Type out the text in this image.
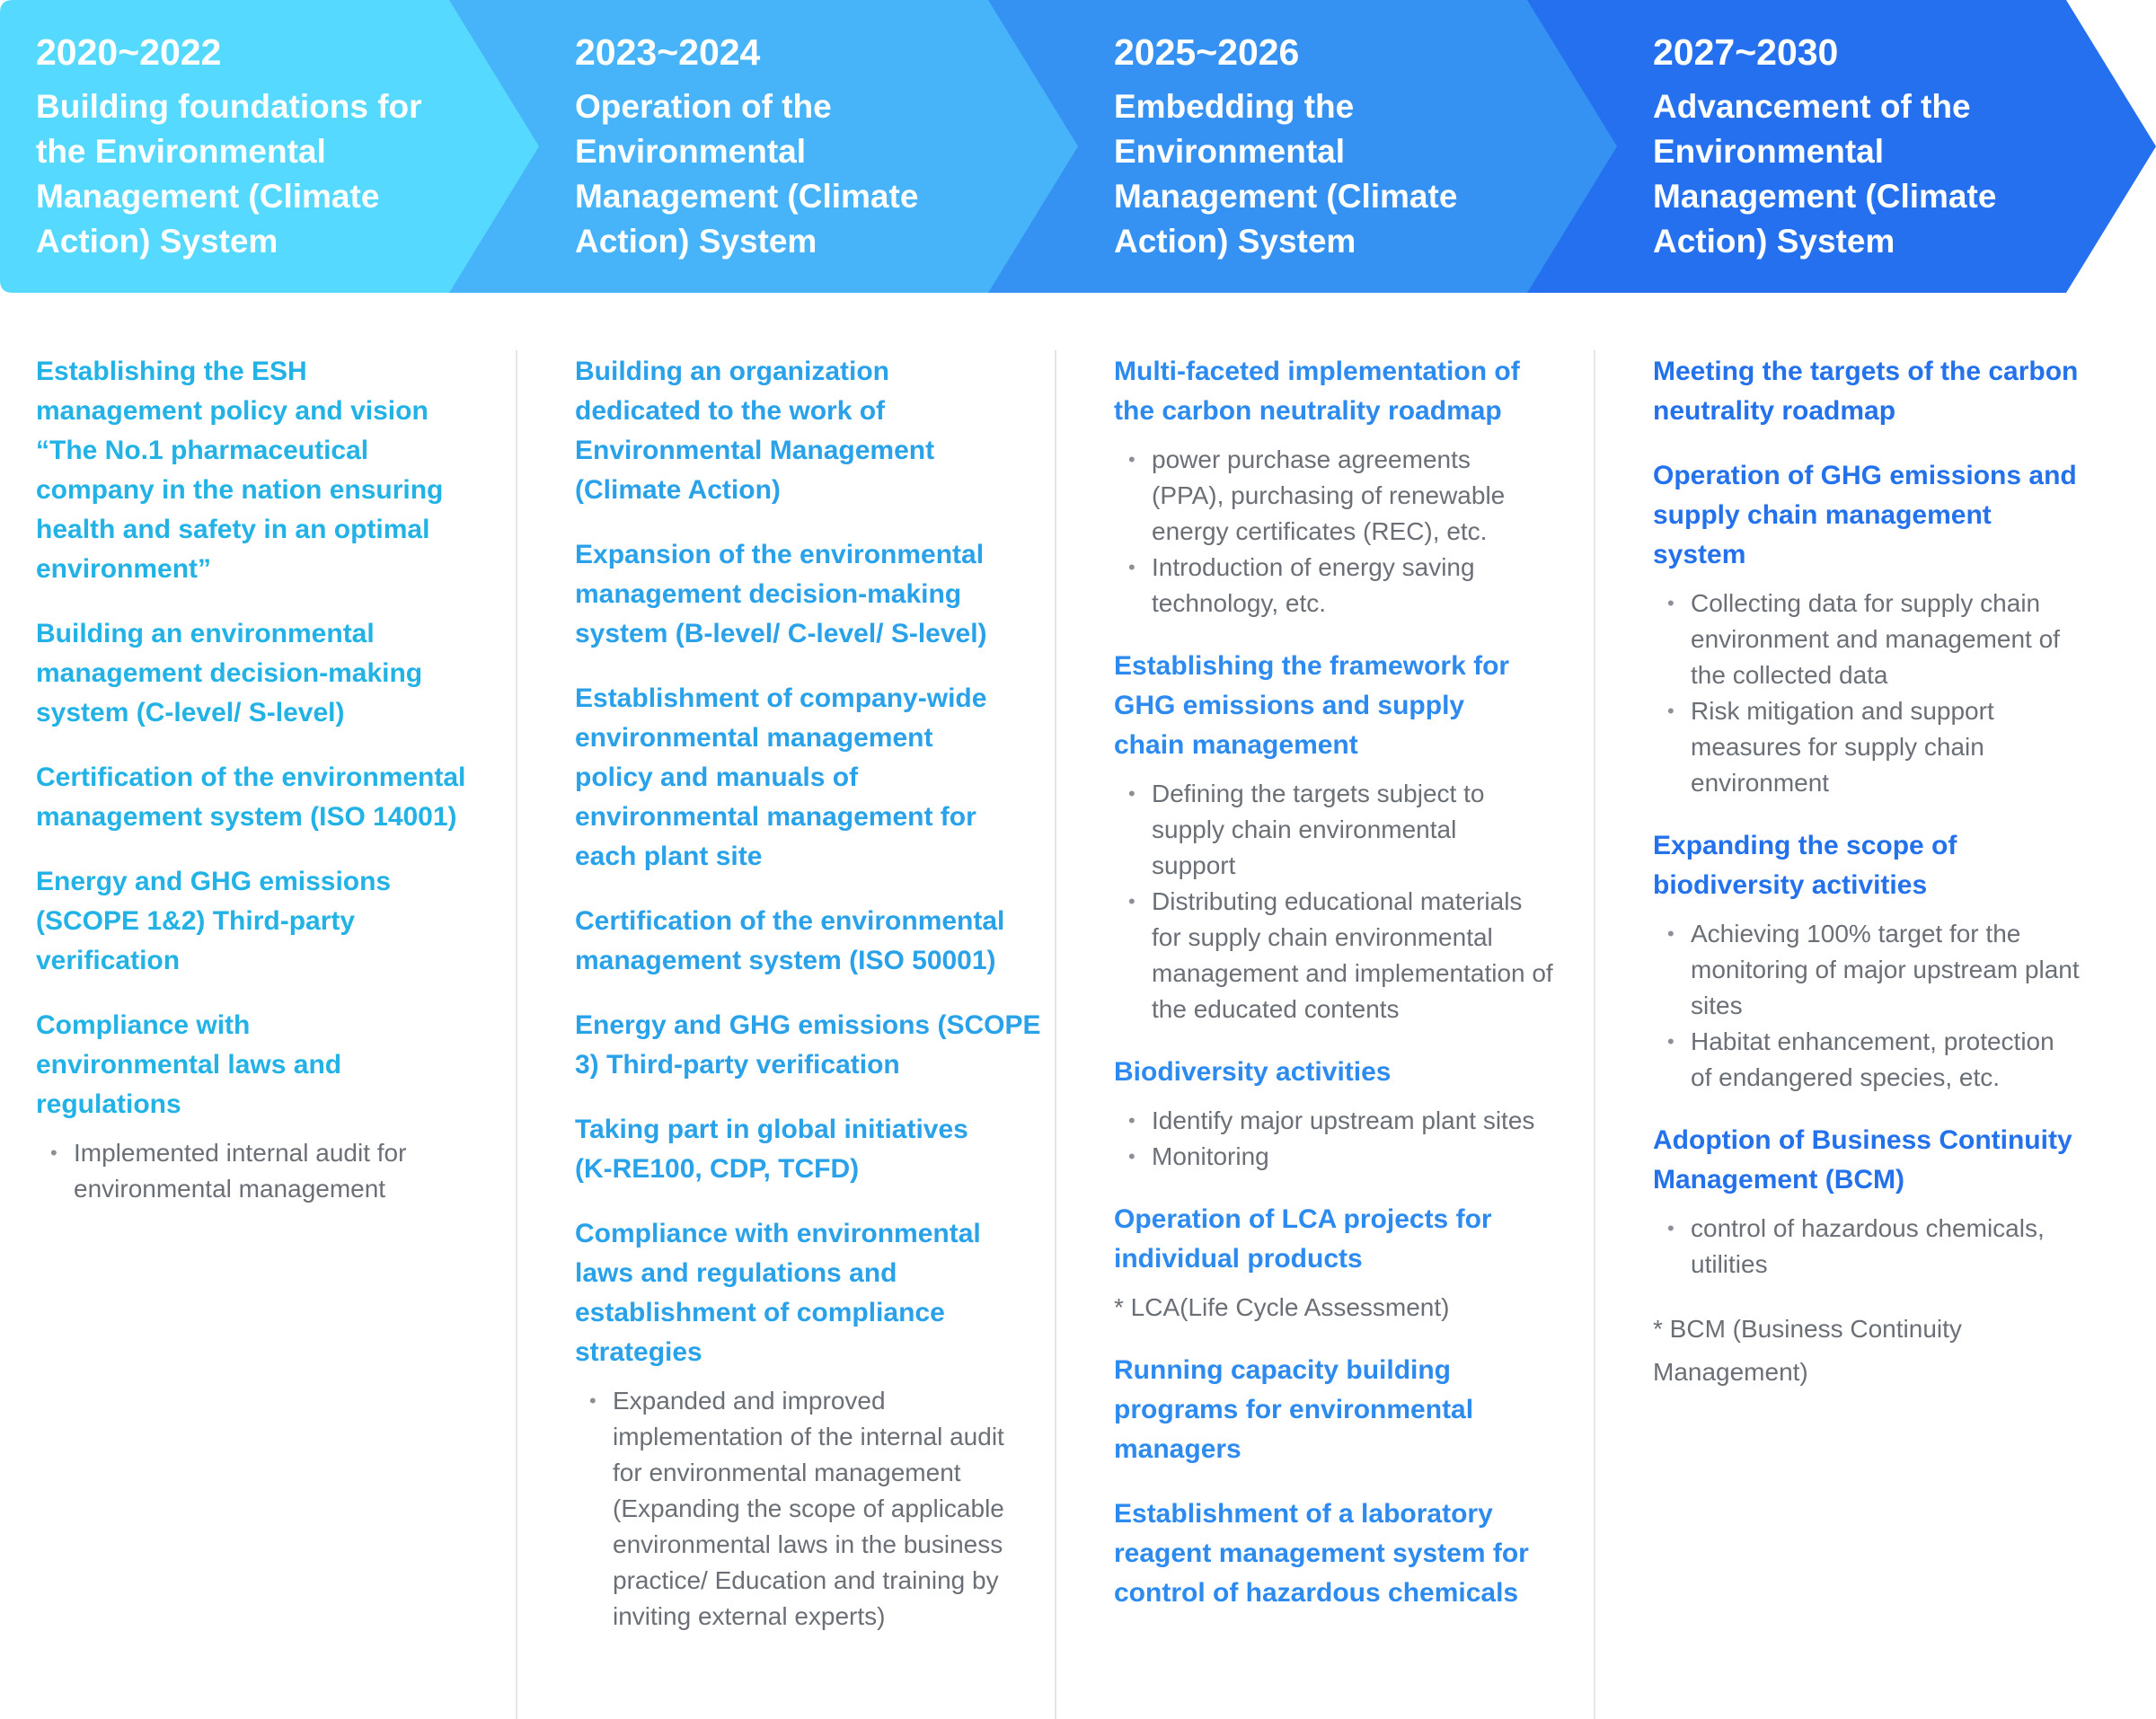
2020~2022
Building foundations for the Environmental Management (Climate Action) System
2023~2024
Operation of the Environmental Management (Climate Action) System
2025~2026
Embedding the Environmental Management (Climate Action) System
2027~2030
Advancement of the Environmental Management (Climate Action) System
Establishing the ESH management policy and vision “The No.1 pharmaceutical company in the nation ensuring health and safety in an optimal environment”
Building an environmental management decision-making system (C-level/ S-level)
Certification of the environmental management system (ISO 14001)
Energy and GHG emissions (SCOPE 1&2) Third-party verification
Compliance with environmental laws and regulations
• Implemented internal audit for environmental management
Building an organization dedicated to the work of Environmental Management (Climate Action)
Expansion of the environmental management decision-making system (B-level/ C-level/ S-level)
Establishment of company-wide environmental management policy and manuals of environmental management for each plant site
Certification of the environmental management system (ISO 50001)
Energy and GHG emissions (SCOPE 3) Third-party verification
Taking part in global initiatives (K-RE100, CDP, TCFD)
Compliance with environmental laws and regulations and establishment of compliance strategies
• Expanded and improved implementation of the internal audit for environmental management (Expanding the scope of applicable environmental laws in the business practice/ Education and training by inviting external experts)
Multi-faceted implementation of the carbon neutrality roadmap
• power purchase agreements (PPA), purchasing of renewable energy certificates (REC), etc.
• Introduction of energy saving technology, etc.
Establishing the framework for GHG emissions and supply chain management
• Defining the targets subject to supply chain environmental support
• Distributing educational materials for supply chain environmental management and implementation of the educated contents
Biodiversity activities
• Identify major upstream plant sites
• Monitoring
Operation of LCA projects for individual products
* LCA(Life Cycle Assessment)
Running capacity building programs for environmental managers
Establishment of a laboratory reagent management system for control of hazardous chemicals
Meeting the targets of the carbon neutrality roadmap
Operation of GHG emissions and supply chain management system
• Collecting data for supply chain environment and management of the collected data
• Risk mitigation and support measures for supply chain environment
Expanding the scope of biodiversity activities
• Achieving 100% target for the monitoring of major upstream plant sites
• Habitat enhancement, protection of endangered species, etc.
Adoption of Business Continuity Management (BCM)
• control of hazardous chemicals, utilities
* BCM (Business Continuity Management)
